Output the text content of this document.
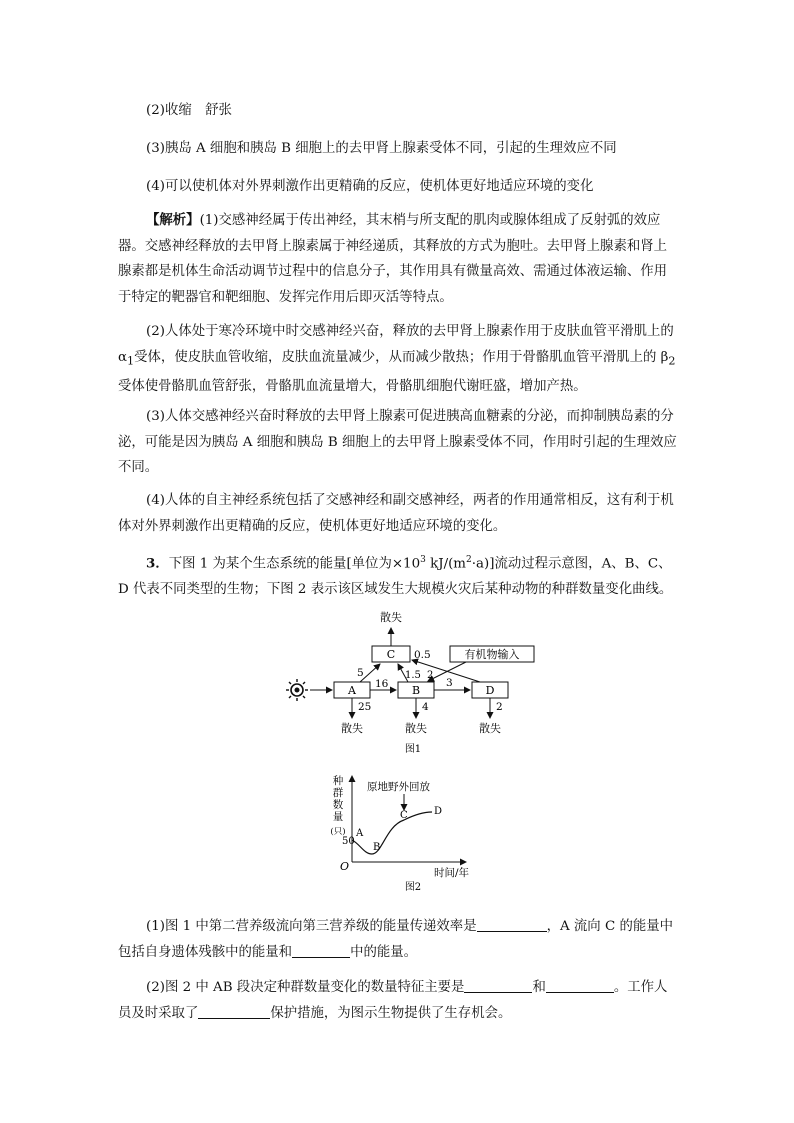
(2)收缩　舒张

(3)胰岛 A 细胞和胰岛 B 细胞上的去甲肾上腺素受体不同，引起的生理效应不同

(4)可以使机体对外界刺激作出更精确的反应，使机体更好地适应环境的变化

【解析】(1)交感神经属于传出神经，其末梢与所支配的肌肉或腺体组成了反射弧的效应器。交感神经释放的去甲肾上腺素属于神经递质，其释放的方式为胞吐。去甲肾上腺素和肾上腺素都是机体生命活动调节过程中的信息分子，其作用具有微量高效、需通过体液运输、作用于特定的靶器官和靶细胞、发挥完作用后即灭活等特点。

(2)人体处于寒冷环境中时交感神经兴奋，释放的去甲肾上腺素作用于皮肤血管平滑肌上的 $\alpha_1$受体，使皮肤血管收缩，皮肤血流量减少，从而减少散热；作用于骨骼肌血管平滑肌上的 $\beta_2$受体使骨骼肌血管舒张，骨骼肌血流量增大，骨骼肌细胞代谢旺盛，增加产热。

(3)人体交感神经兴奋时释放的去甲肾上腺素可促进胰高血糖素的分泌，而抑制胰岛素的分泌，可能是因为胰岛 A 细胞和胰岛 B 细胞上的去甲肾上腺素受体不同，作用时引起的生理效应不同。

(4)人体的自主神经系统包括了交感神经和副交感神经，两者的作用通常相反，这有利于机体对外界刺激作出更精确的反应，使机体更好地适应环境的变化。

3．下图 1 为某个生态系统的能量[单位为$\times 10^3$ $kJ/(m^2\cdot a)$]流动过程示意图，A、B、C、D 代表不同类型的生物；下图 2 表示该区域发生大规模火灾后某种动物的种群数量变化曲线。

A	B
C
D
有机物输入
散失
0.5
5
16
1.5 2
3
25
散失
4
散失
2
散失
图1
种
群
数
量
(只)
50
O	时间/年
原地野外回放
A
B
C	D
图2

(1)图 1 中第二营养级流向第三营养级的能量传递效率是	，A 流向 C 的能量中包括自身遗体残骸中的能量和	中的能量。

(2)图 2 中 AB 段决定种群数量变化的数量特征主要是	和	。工作人员及时采取了	保护措施，为图示生物提供了生存机会。
